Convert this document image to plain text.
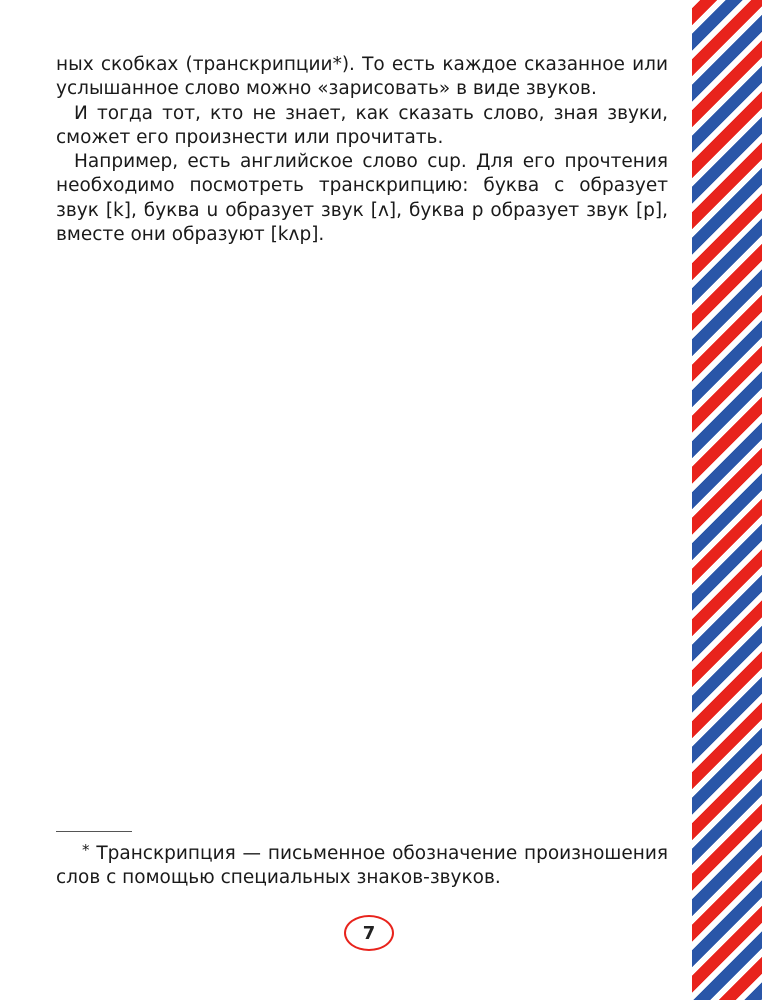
ных скобках (транскрипции*). То есть каждое сказанное или услышанное слово можно «зарисовать» в виде звуков.

И тогда тот, кто не знает, как сказать слово, зная звуки, сможет его произнести или прочитать.

Например, есть английское слово cup. Для его прочтения необходимо посмотреть транскрипцию: буква c образует звук [k], буква u образует звук [ʌ], буква p образует звук [p], вместе они образуют [kʌp].

* Транскрипция — письменное обозначение произношения слов с помощью специальных знаков-звуков.
7
